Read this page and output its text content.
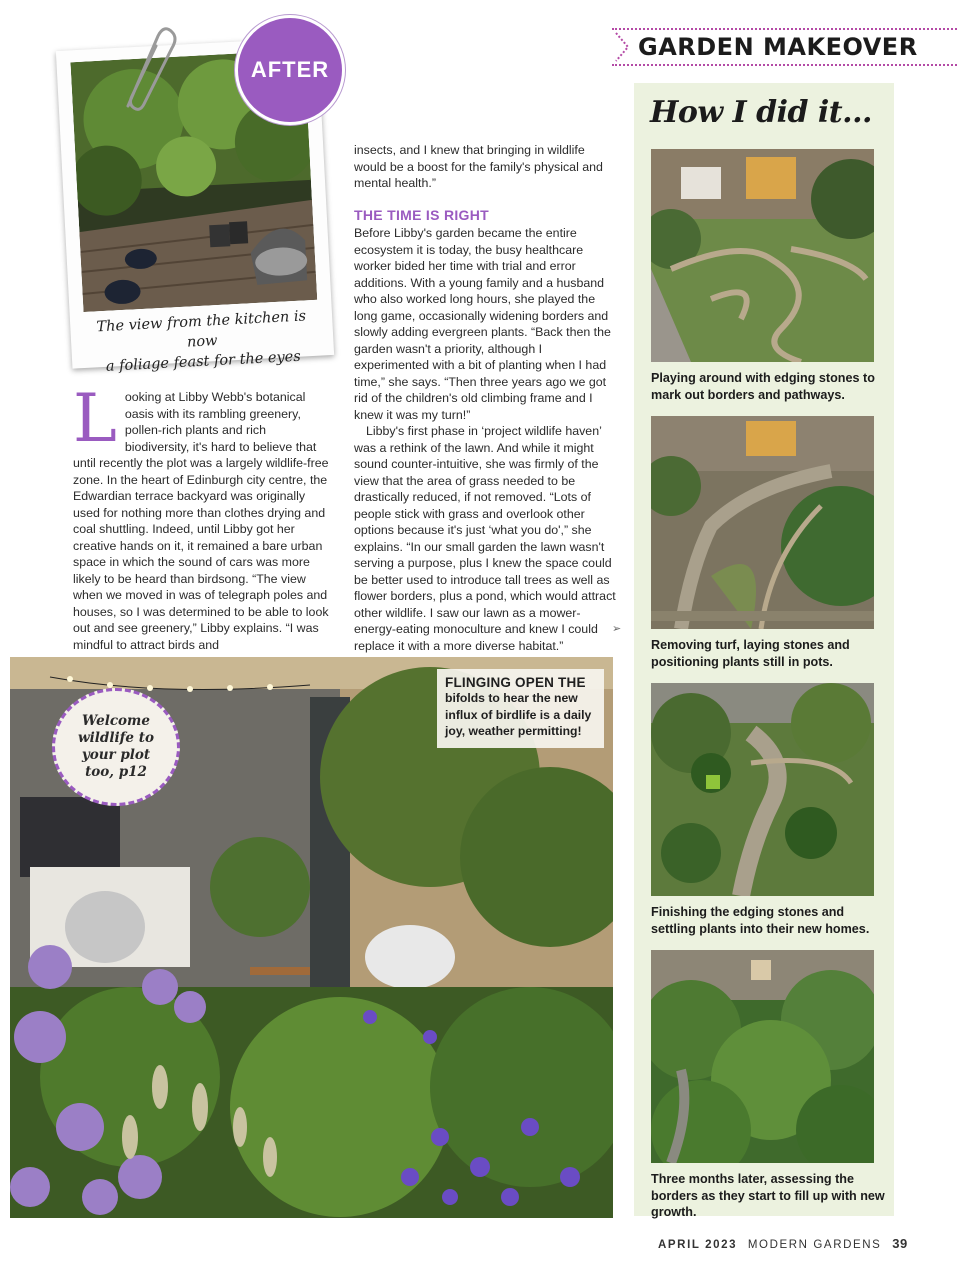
GARDEN MAKEOVER
The view from the kitchen is now
a foliage feast for the eyes
AFTER
L ooking at Libby Webb's botanical oasis with its rambling greenery, pollen-rich plants and rich biodiversity, it's hard to believe that until recently the plot was a largely wildlife-free zone. In the heart of Edinburgh city centre, the Edwardian terrace backyard was originally used for nothing more than clothes drying and coal shuttling. Indeed, until Libby got her creative hands on it, it remained a bare urban space in which the sound of cars was more likely to be heard than birdsong. “The view when we moved in was of telegraph poles and houses, so I was determined to be able to look out and see greenery,” Libby explains. “I was mindful to attract birds and

insects, and I knew that bringing in wildlife would be a boost for the family's physical and mental health.”

THE TIME IS RIGHT

Before Libby's garden became the entire ecosystem it is today, the busy healthcare worker bided her time with trial and error additions. With a young family and a husband who also worked long hours, she played the long game, occasionally widening borders and slowly adding evergreen plants. “Back then the garden wasn't a priority, although I experimented with a bit of planting when I had time,” she says. “Then three years ago we got rid of the children's old climbing frame and I knew it was my turn!”

Libby's first phase in ‘project wildlife haven’ was a rethink of the lawn. And while it might sound counter-intuitive, she was firmly of the view that the area of grass needed to be drastically reduced, if not removed. “Lots of people stick with grass and overlook other options because it's just ‘what you do',” she explains. “In our small garden the lawn wasn't serving a purpose, plus I knew the space could be better used to introduce tall trees as well as flower borders, plus a pond, which would attract other wildlife. I saw our lawn as a mower-energy-eating monoculture and knew I could replace it with a more diverse habitat.”

➢
Welcome wildlife to your plot too, p12
FLINGING OPEN THE
bifolds to hear the new influx of birdlife is a daily joy, weather permitting!
How I did it...
Playing around with edging stones to mark out borders and pathways.
Removing turf, laying stones and positioning plants still in pots.
Finishing the edging stones and settling plants into their new homes.
Three months later, assessing the borders as they start to fill up with new growth.
APRIL 2023 MODERN GARDENS 39
